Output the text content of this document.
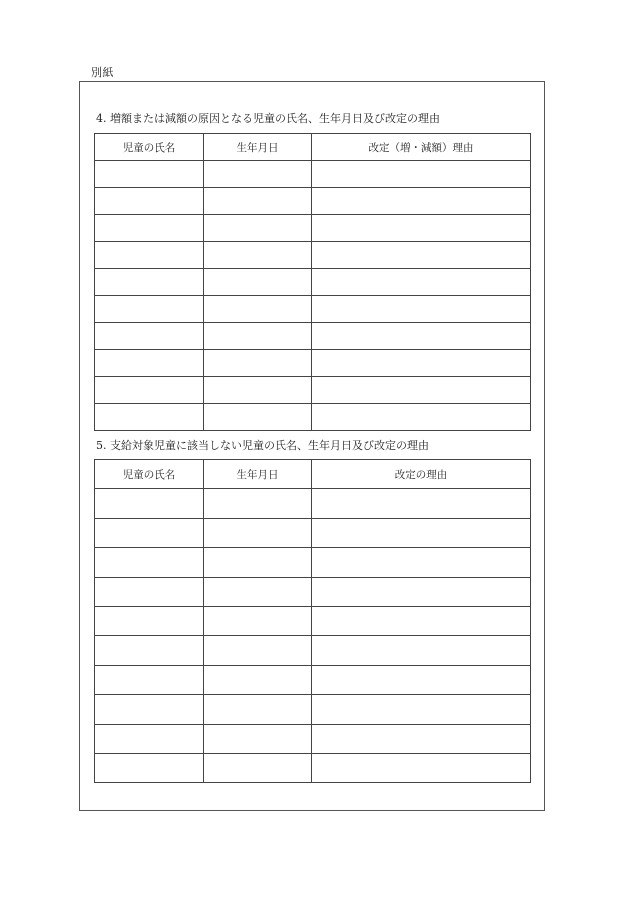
別紙
4. 増額または減額の原因となる児童の氏名、生年月日及び改定の理由
児童の氏名	生年月日	改定（増・減額）理由

5. 支給対象児童に該当しない児童の氏名、生年月日及び改定の理由
児童の氏名	生年月日	改定の理由
